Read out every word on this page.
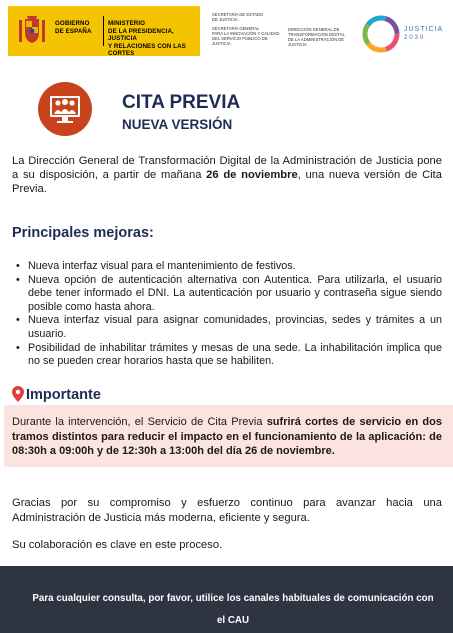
GOBIERNO
DE ESPAÑA
MINISTERIO
DE LA PRESIDENCIA, JUSTICIA
Y RELACIONES CON LAS CORTES
SECRETARÍA DE ESTADO
DE JUSTICIA
SECRETARÍA GENERAL
PARA LA INNOVACIÓN Y CALIDAD
DEL SERVICIO PÚBLICO DE JUSTICIA
DIRECCIÓN GENERAL DE
TRANSFORMACIÓN DIGITAL
DE LA ADMINISTRACIÓN DE JUSTICIA
JUSTICIA
2030
CITA PREVIA
NUEVA VERSIÓN

La Dirección General de Transformación Digital de la Administración de Justicia pone a su disposición, a partir de mañana 26 de noviembre, una nueva versión de Cita Previa.

Principales mejoras:
• Nueva interfaz visual para el mantenimiento de festivos.
• Nueva opción de autenticación alternativa con Autentica. Para utilizarla, el usuario debe tener informado el DNI. La autenticación por usuario y contraseña sigue siendo posible como hasta ahora.
• Nueva interfaz visual para asignar comunidades, provincias, sedes y trámites a un usuario.
• Posibilidad de inhabilitar trámites y mesas de una sede. La inhabilitación implica que no se pueden crear horarios hasta que se habiliten.
Importante

Durante la intervención, el Servicio de Cita Previa sufrirá cortes de servicio en dos tramos distintos para reducir el impacto en el funcionamiento de la aplicación: de 08:30h a 09:00h y de 12:30h a 13:00h del día 26 de noviembre.

Gracias por su compromiso y esfuerzo continuo para avanzar hacia una Administración de Justicia más moderna, eficiente y segura.

Su colaboración es clave en este proceso.

Para cualquier consulta, por favor, utilice los canales habituales de comunicación con el CAU
